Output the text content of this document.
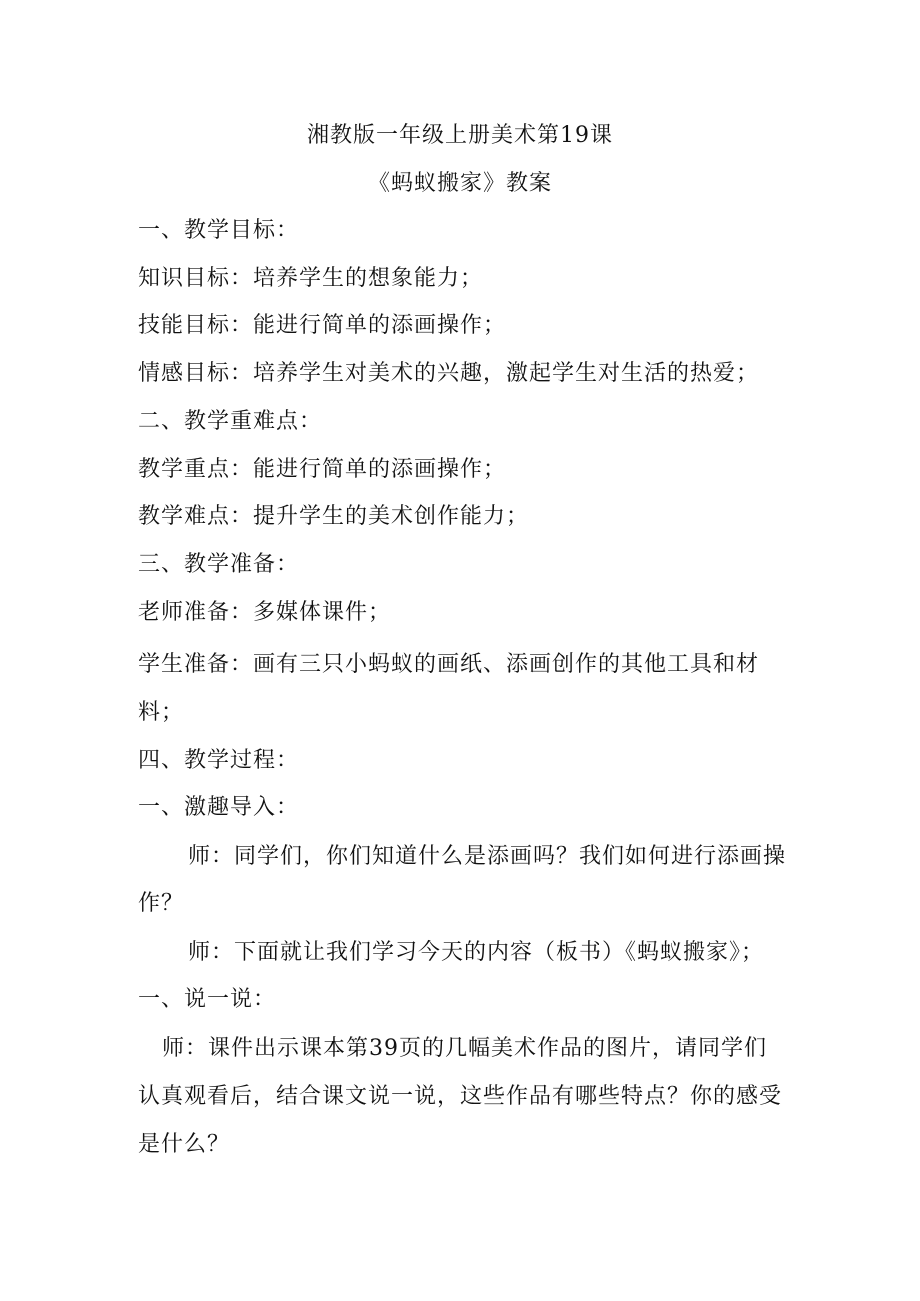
湘教版一年级上册美术第19课
《蚂蚁搬家》教案
一、教学目标：
知识目标：培养学生的想象能力；
技能目标：能进行简单的添画操作；
情感目标：培养学生对美术的兴趣，激起学生对生活的热爱；
二、教学重难点：
教学重点：能进行简单的添画操作；
教学难点：提升学生的美术创作能力；
三、教学准备：
老师准备：多媒体课件；
学生准备：画有三只小蚂蚁的画纸、添画创作的其他工具和材
料；
四、教学过程：
一、激趣导入：
师：同学们，你们知道什么是添画吗？我们如何进行添画操
作？
师：下面就让我们学习今天的内容（板书）《蚂蚁搬家》；
一、说一说：
师：课件出示课本第39页的几幅美术作品的图片，请同学们
认真观看后，结合课文说一说，这些作品有哪些特点？你的感受
是什么？
